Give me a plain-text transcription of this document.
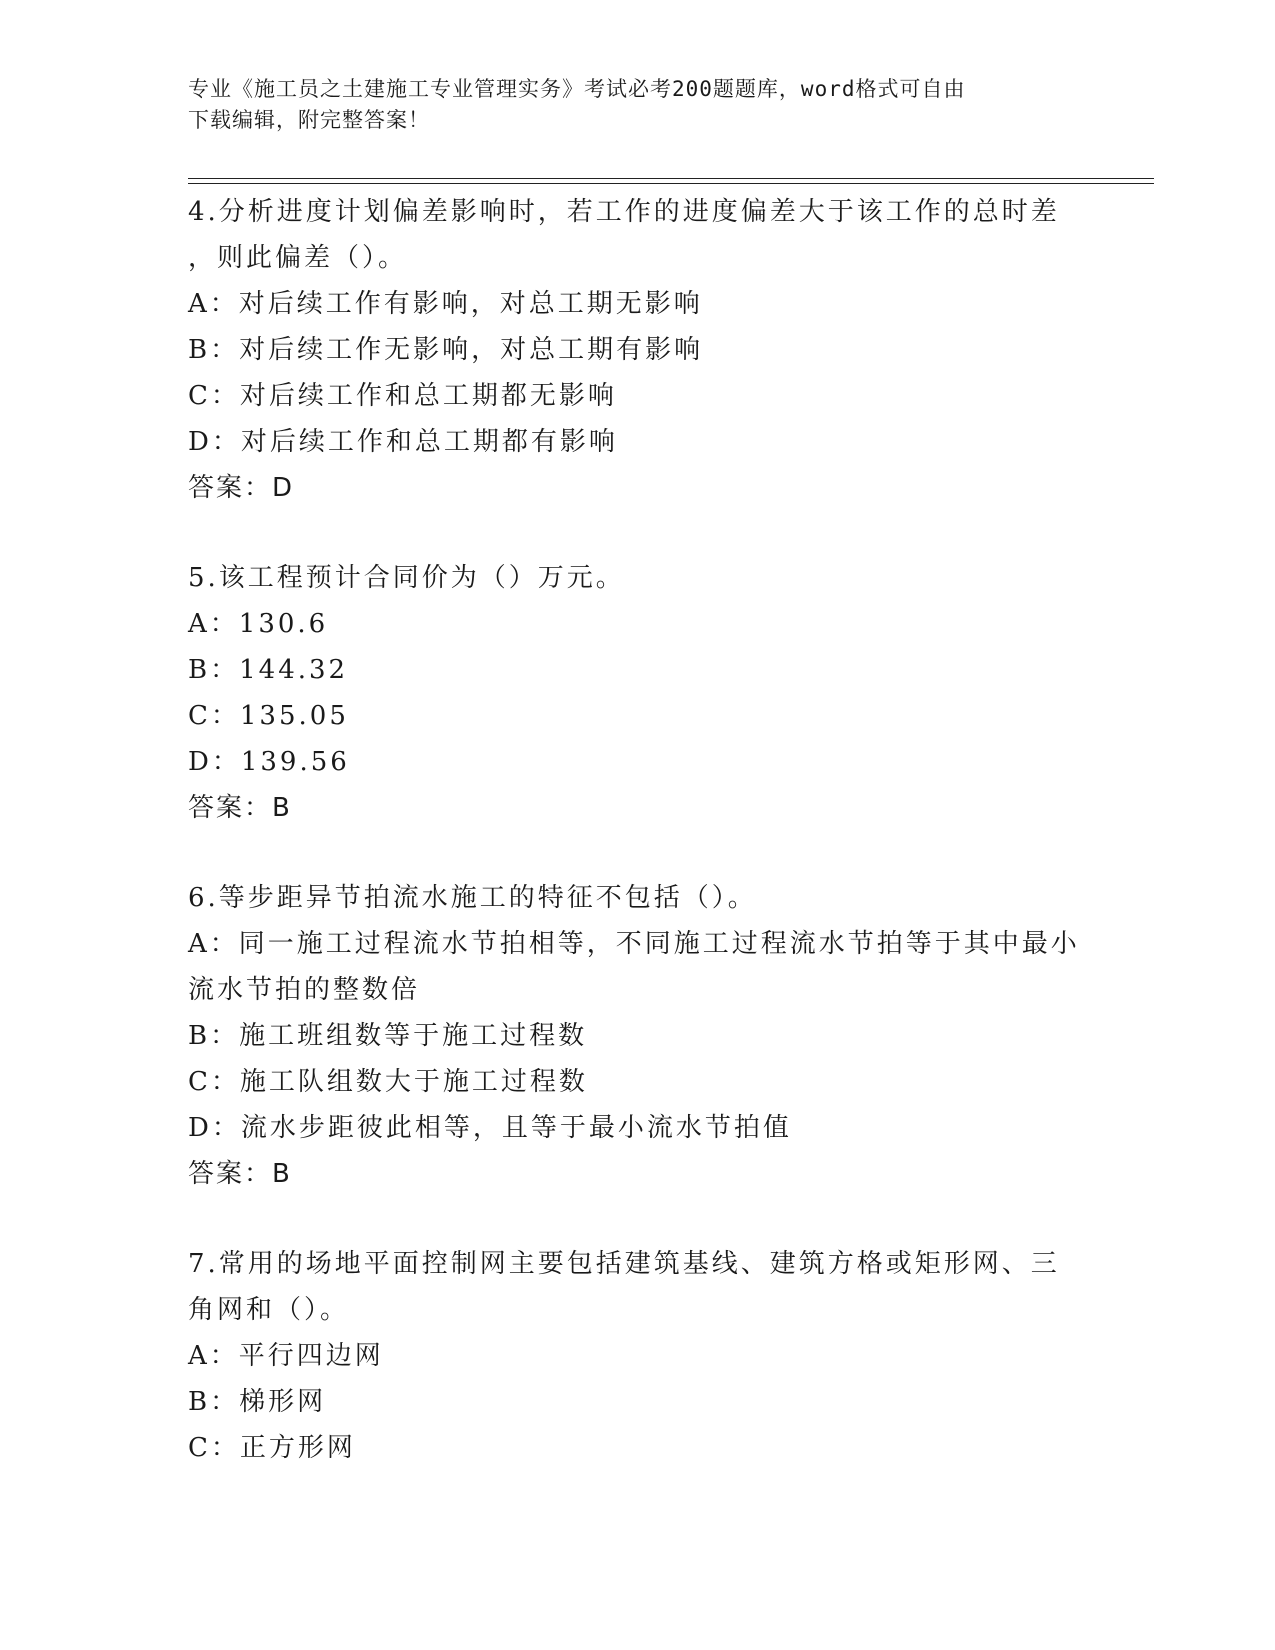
专业《施工员之土建施工专业管理实务》考试必考200题题库，word格式可自由

下载编辑，附完整答案！

4.分析进度计划偏差影响时，若工作的进度偏差大于该工作的总时差
，则此偏差（）。
A：对后续工作有影响，对总工期无影响
B：对后续工作无影响，对总工期有影响
C：对后续工作和总工期都无影响
D：对后续工作和总工期都有影响
答案：D
5.该工程预计合同价为（）万元。
A：130.6
B：144.32
C：135.05
D：139.56
答案：B
6.等步距异节拍流水施工的特征不包括（）。
A：同一施工过程流水节拍相等，不同施工过程流水节拍等于其中最小
流水节拍的整数倍
B：施工班组数等于施工过程数
C：施工队组数大于施工过程数
D：流水步距彼此相等，且等于最小流水节拍值
答案：B
7.常用的场地平面控制网主要包括建筑基线、建筑方格或矩形网、三
角网和（）。
A：平行四边网
B：梯形网
C：正方形网
